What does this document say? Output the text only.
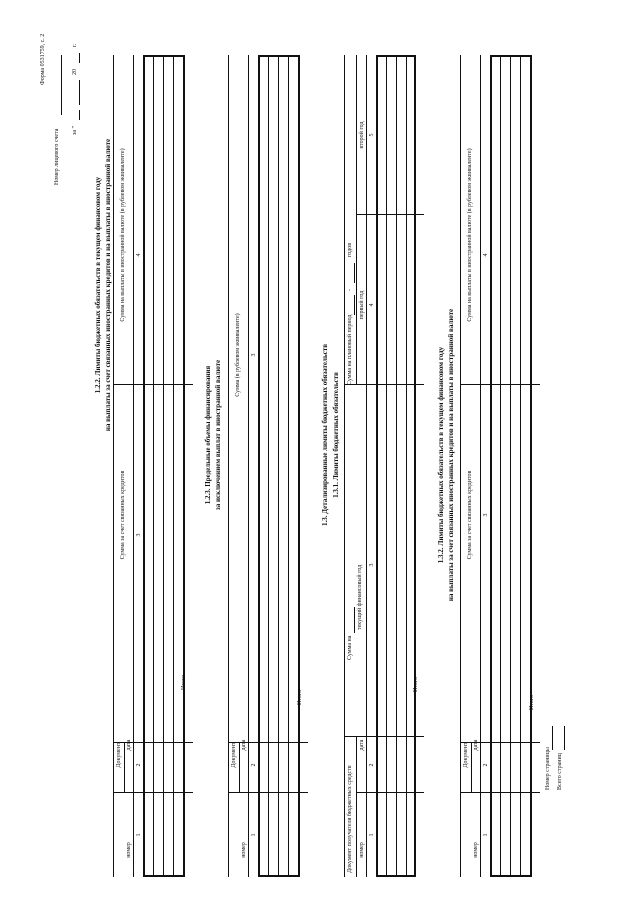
Форма 0531759, с. 2
Номер лицевого счета за "
20
г.
Номер страницы Всего страниц
1.2.2. Лимиты бюджетных обязательств в текущем финансовом году на выплаты за счет связанных иностранных кредитов и на выплаты в иностранной валюте
Документ
номер
дата
Сумма за счет связанных кредитов
Сумма на выплаты в иностранной валюте (в рублевом эквиваленте)
1
2
3
4
Итого
1.2.3. Предельные объемы финансирования за исключением выплат в иностранной валюте
Документ
номер
дата
Сумма (в рублевом эквиваленте)
1
2
3
Итого
1.3. Детализированные лимиты бюджетных обязательств 1.3.1. Лимиты бюджетных обязательств
Документ получателя бюджетных средств
Сумма на
Сумма на плановый период
-
годов
текущий финансовый год
первый год
второй год
номер
дата
1
2
3
4
5
Итого
1.3.2. Лимиты бюджетных обязательств в текущем финансовом году на выплаты за счет связанных иностранных кредитов и на выплаты в иностранной валюте
Документ
номер
дата
Сумма за счет связанных кредитов
Сумма на выплаты в иностранной валюте (в рублевом эквиваленте)
1
2
3
4
Итого
